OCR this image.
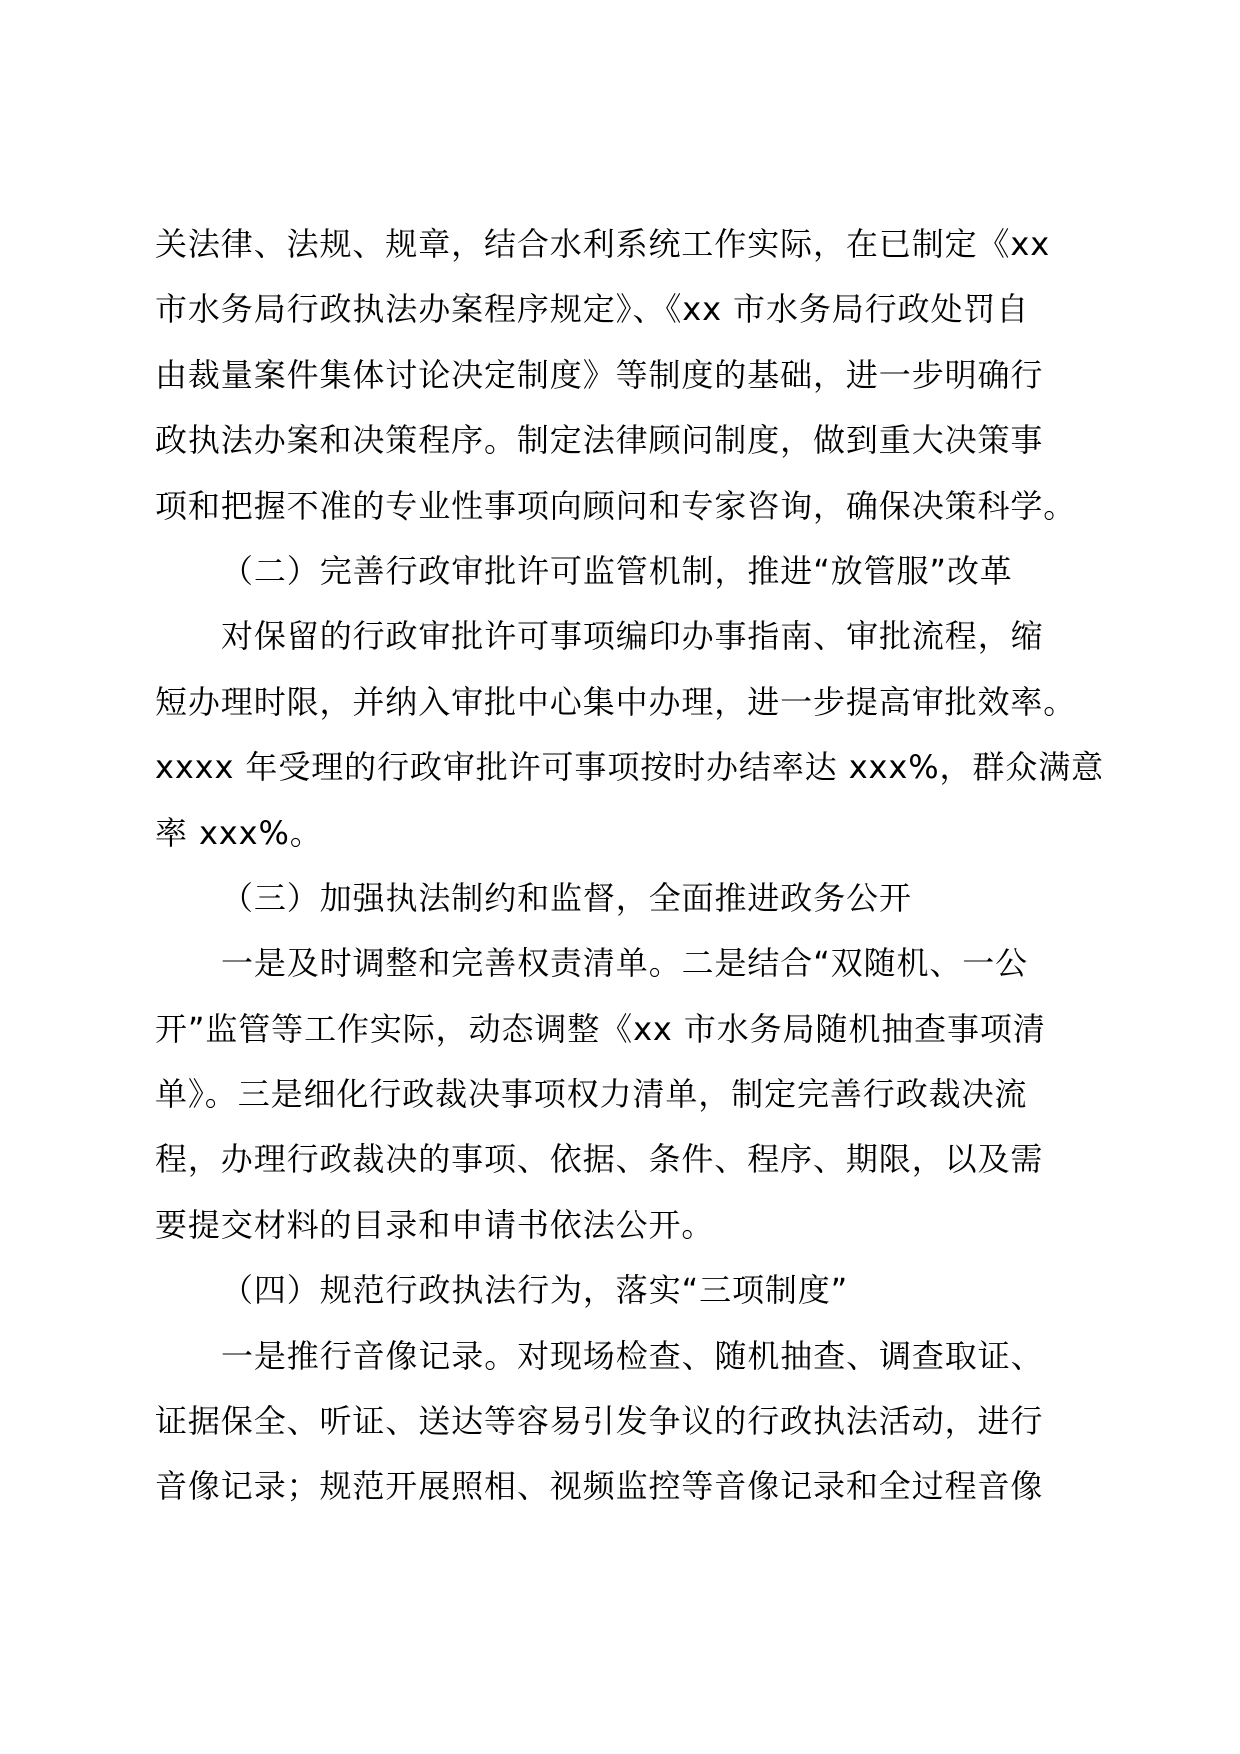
关法律、法规、规章，结合水利系统工作实际，在已制定《xx
市水务局行政执法办案程序规定》、《xx 市水务局行政处罚自
由裁量案件集体讨论决定制度》等制度的基础，进一步明确行
政执法办案和决策程序。制定法律顾问制度，做到重大决策事
项和把握不准的专业性事项向顾问和专家咨询，确保决策科学。
（二）完善行政审批许可监管机制，推进“放管服”改革
对保留的行政审批许可事项编印办事指南、审批流程，缩
短办理时限，并纳入审批中心集中办理，进一步提高审批效率。
xxxx 年受理的行政审批许可事项按时办结率达 xxx%，群众满意
率 xxx%。
（三）加强执法制约和监督，全面推进政务公开
一是及时调整和完善权责清单。二是结合“双随机、一公
开”监管等工作实际，动态调整《xx 市水务局随机抽查事项清
单》。三是细化行政裁决事项权力清单，制定完善行政裁决流
程，办理行政裁决的事项、依据、条件、程序、期限，以及需
要提交材料的目录和申请书依法公开。
（四）规范行政执法行为，落实“三项制度”
一是推行音像记录。对现场检查、随机抽查、调查取证、
证据保全、听证、送达等容易引发争议的行政执法活动，进行
音像记录；规范开展照相、视频监控等音像记录和全过程音像
